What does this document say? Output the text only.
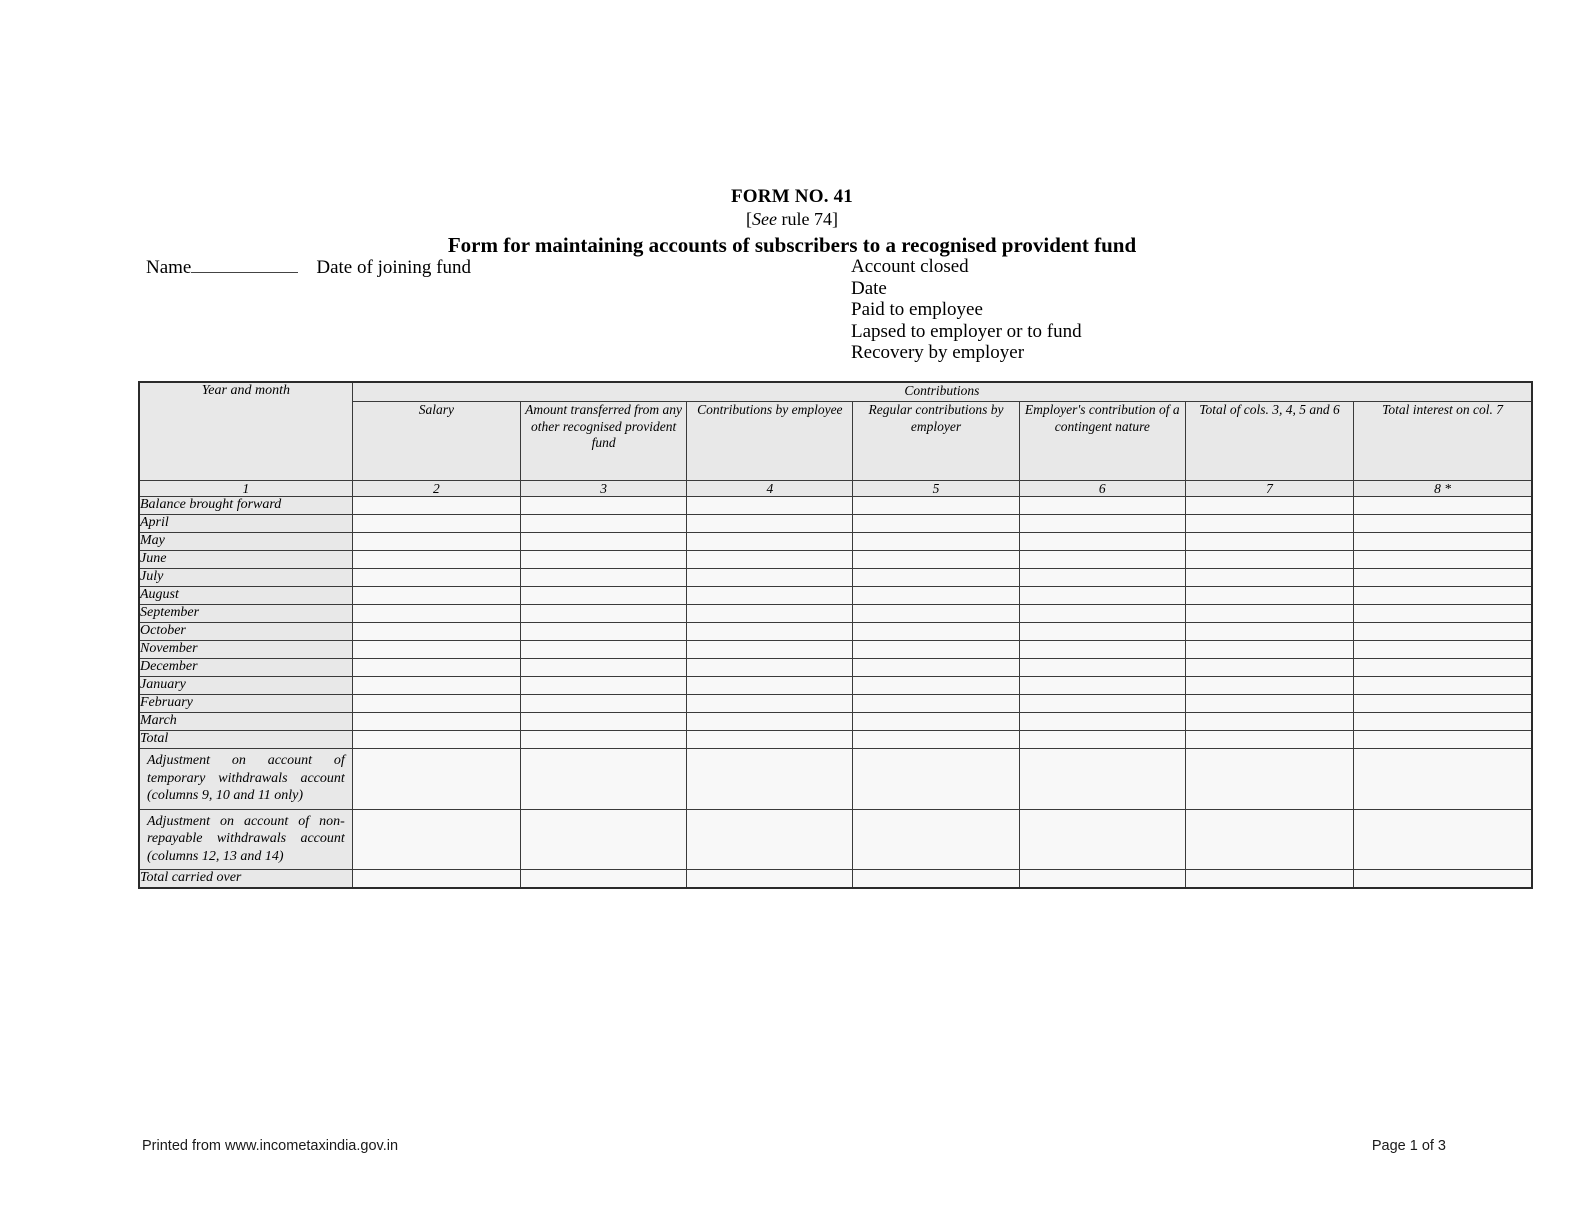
FORM NO. 41
[See rule 74]
Form for maintaining accounts of subscribers to a recognised provident fund
Name	Date of joining fund	Account closed
Date
Paid to employee
Lapsed to employer or to fund
Recovery by employer
Year and month	Contributions						
	Salary	Amount transferred from any other recognised provident fund	Contributions by employee	Regular contributions by employer	Employer's contribution of a contingent nature	Total of cols. 3, 4, 5 and 6	Total interest on col. 7
1	2	3	4	5	6	7	8 *
Balance brought forward							
April							
May							
June							
July							
August							
September							
October							
November							
December							
January							
February							
March							
Total							
Adjustment on account of temporary withdrawals account (columns 9, 10 and 11 only)							
Adjustment on account of non-repayable withdrawals account (columns 12, 13 and 14)							
Total carried over							
Printed from www.incometaxindia.gov.in	Page 1 of 3
